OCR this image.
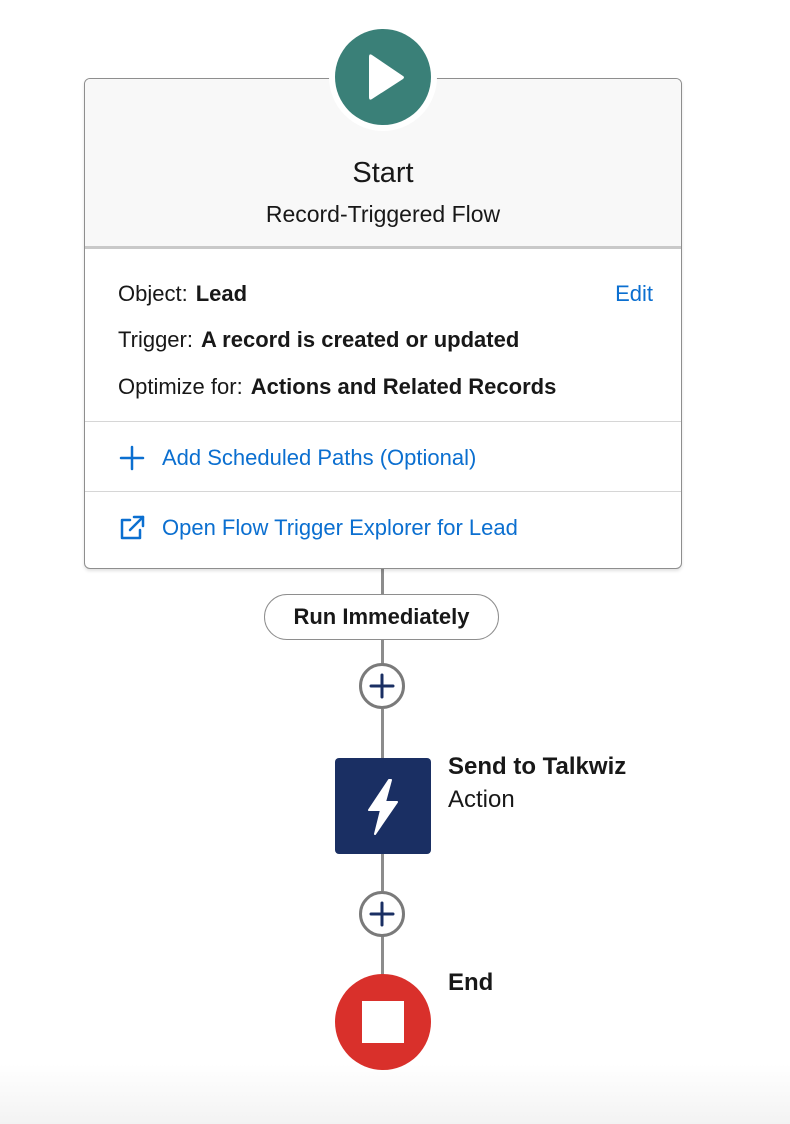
Start
Record-Triggered Flow
Object: Lead	Edit
Trigger: A record is created or updated
Optimize for: Actions and Related Records
Add Scheduled Paths (Optional)
Open Flow Trigger Explorer for Lead
Run Immediately
Send to Talkwiz
Action
End
